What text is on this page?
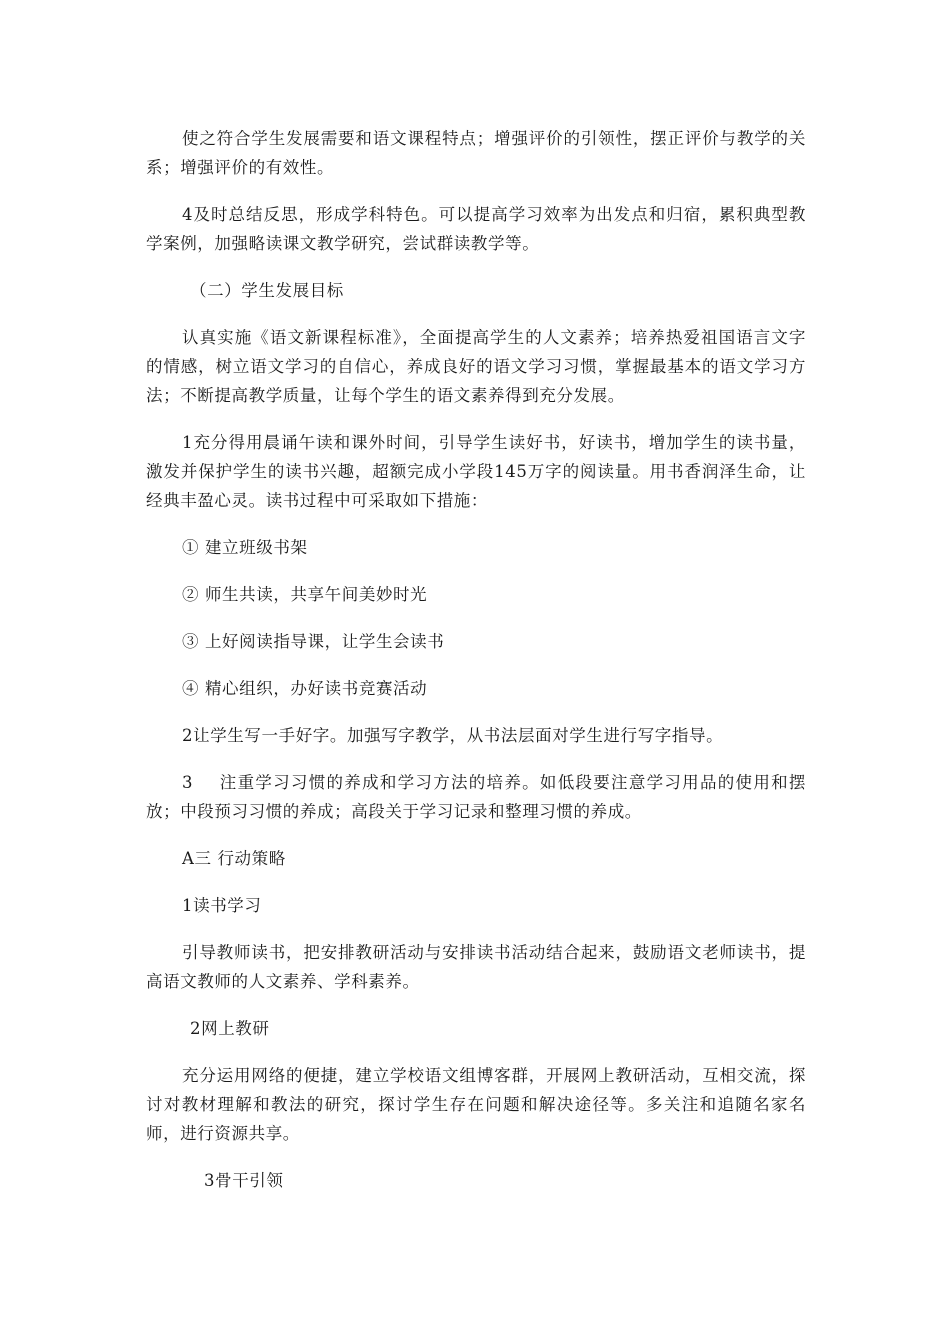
使之符合学生发展需要和语文课程特点；增强评价的引领性，摆正评价与教学的关系；增强评价的有效性。

4及时总结反思，形成学科特色。可以提高学习效率为出发点和归宿，累积典型教学案例，加强略读课文教学研究，尝试群读教学等。

（二）学生发展目标

认真实施《语文新课程标准》，全面提高学生的人文素养；培养热爱祖国语言文字的情感，树立语文学习的自信心，养成良好的语文学习习惯，掌握最基本的语文学习方法；不断提高教学质量，让每个学生的语文素养得到充分发展。

1充分得用晨诵午读和课外时间，引导学生读好书，好读书，增加学生的读书量，激发并保护学生的读书兴趣，超额完成小学段145万字的阅读量。用书香润泽生命，让经典丰盈心灵。读书过程中可采取如下措施：

① 建立班级书架

② 师生共读，共享午间美妙时光

③ 上好阅读指导课，让学生会读书

④ 精心组织，办好读书竞赛活动

2让学生写一手好字。加强写字教学，从书法层面对学生进行写字指导。

3 注重学习习惯的养成和学习方法的培养。如低段要注意学习用品的使用和摆放；中段预习习惯的养成；高段关于学习记录和整理习惯的养成。

A三 行动策略

1读书学习

引导教师读书，把安排教研活动与安排读书活动结合起来，鼓励语文老师读书，提高语文教师的人文素养、学科素养。

2网上教研

充分运用网络的便捷，建立学校语文组博客群，开展网上教研活动，互相交流，探讨对教材理解和教法的研究，探讨学生存在问题和解决途径等。多关注和追随名家名师，进行资源共享。

3骨干引领
